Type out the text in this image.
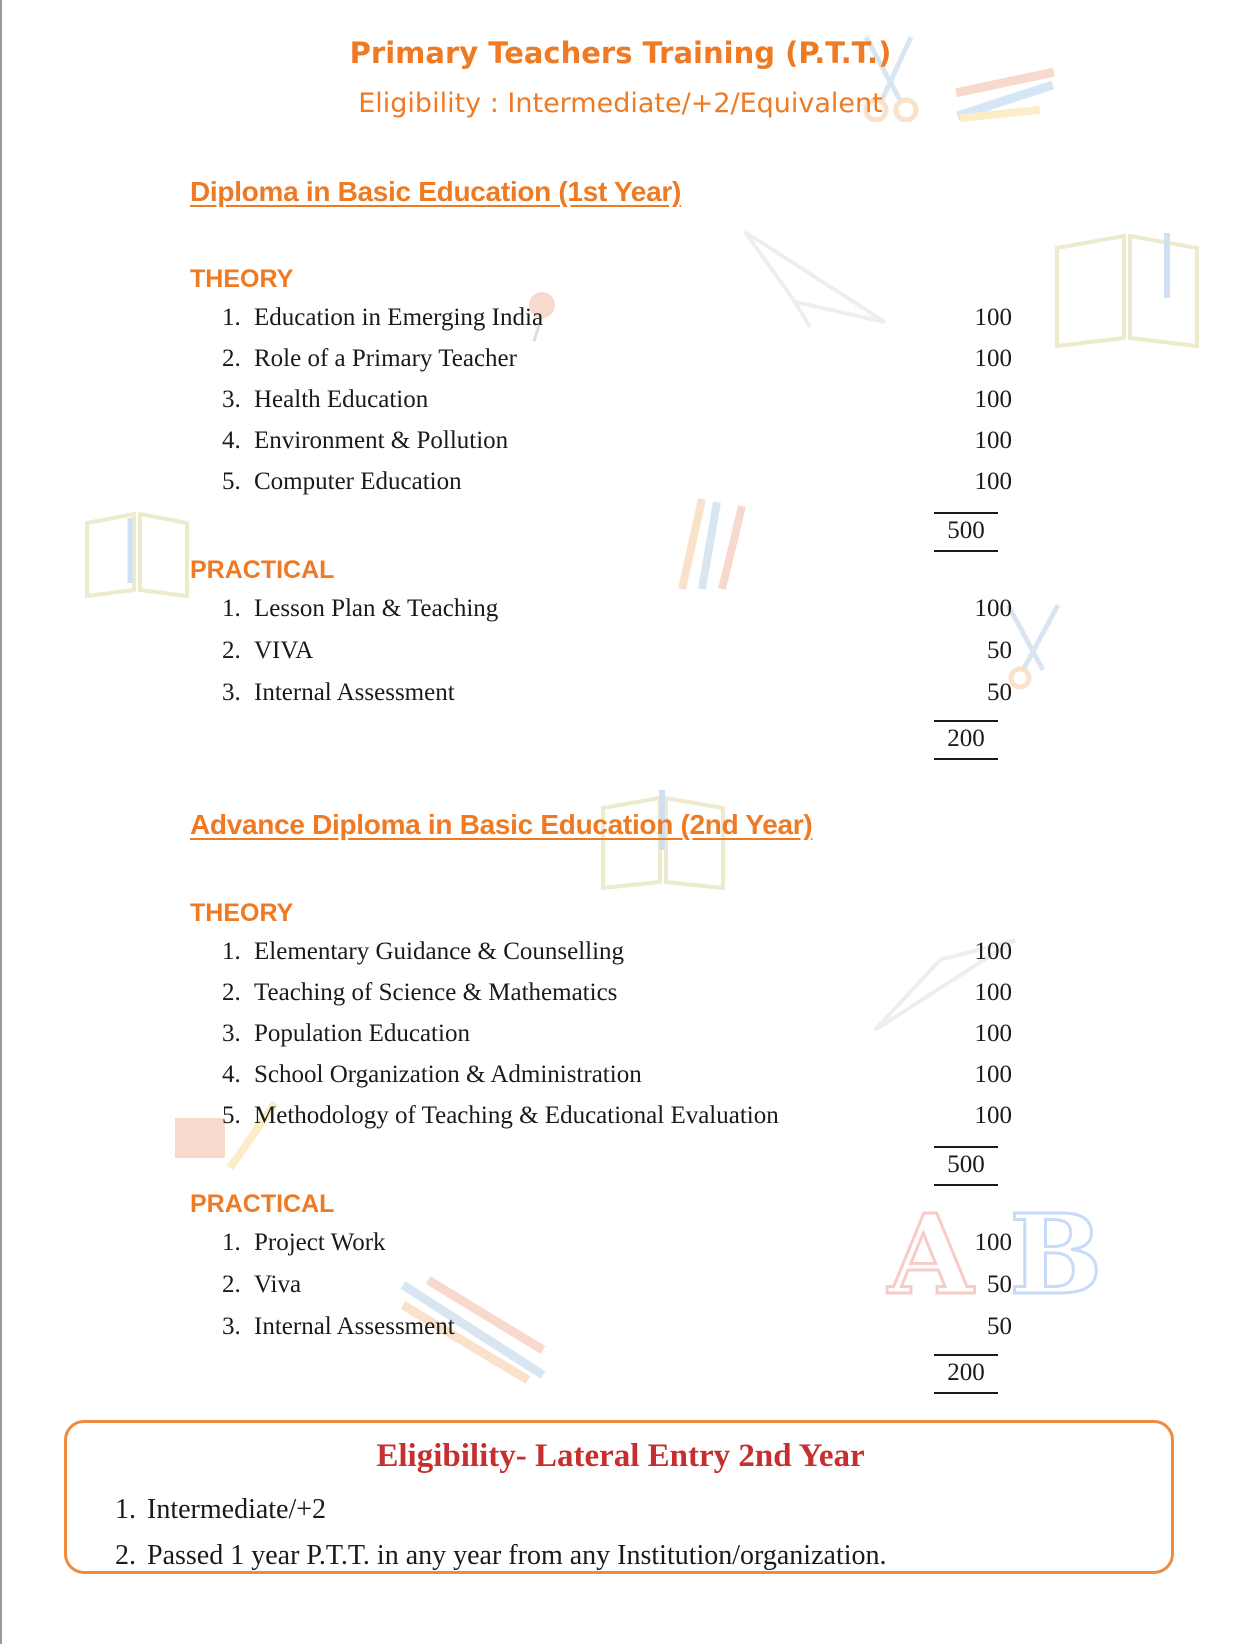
Primary Teachers Training (P.T.T.)
Eligibility : Intermediate/+2/Equivalent
Diploma in Basic Education (1st Year)
THEORY
1. Education in Emerging India	100
2. Role of a Primary Teacher	100
3. Health Education	100
4. Environment & Pollution	100
5. Computer Education	100
500
PRACTICAL
1. Lesson Plan & Teaching	100
2. VIVA	50
3. Internal Assessment	50
200
Advance Diploma in Basic Education (2nd Year)
THEORY
1. Elementary Guidance & Counselling	100
2. Teaching of Science & Mathematics	100
3. Population Education	100
4. School Organization & Administration	100
5. Methodology of Teaching & Educational Evaluation	100
500
A B
PRACTICAL
1. Project Work	100
2. Viva	50
3. Internal Assessment	50
200
Eligibility- Lateral Entry 2nd Year
1. Intermediate/+2
2. Passed 1 year P.T.T. in any year from any Institution/organization.
